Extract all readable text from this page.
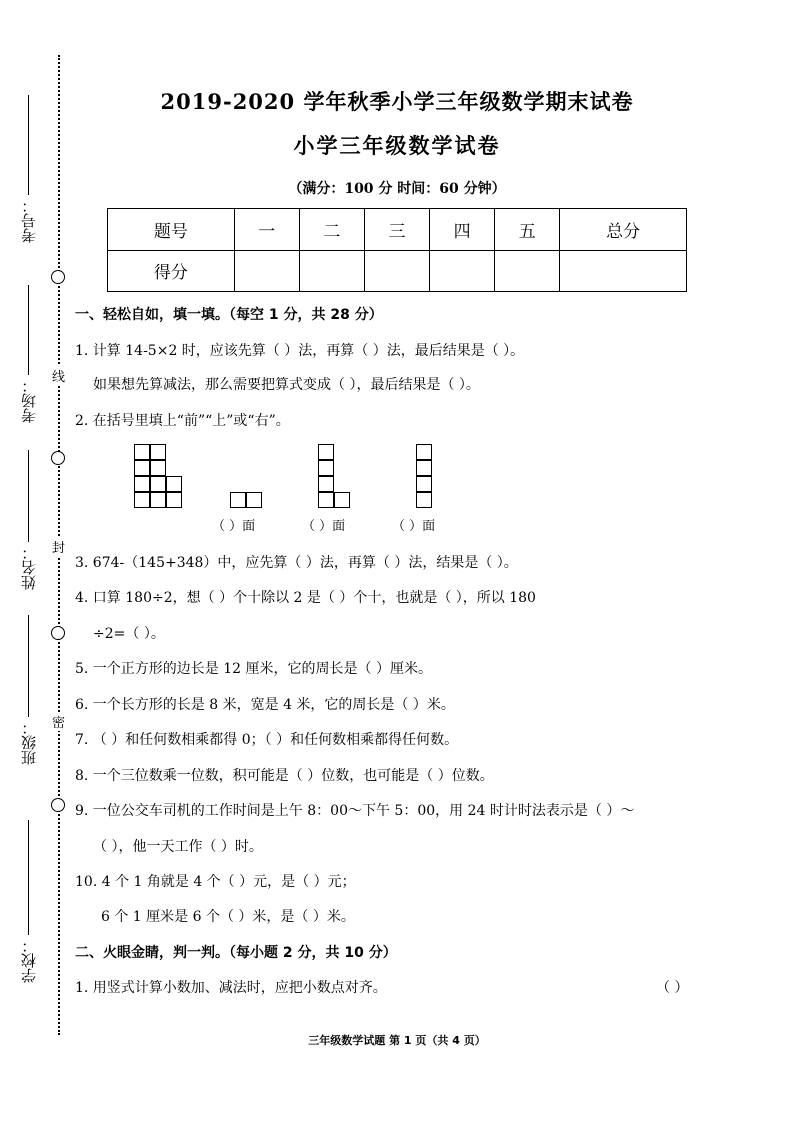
线
封
密
考号：
考场：
姓名：
班级：
学校：
2019-2020 学年秋季小学三年级数学期末试卷
小学三年级数学试卷
（满分：100 分 时间：60 分钟）
题号	一	二	三	四	五	总分
得分						
一、轻松自如，填一填。（每空 1 分，共 28 分）
1. 计算 14-5×2 时，应该先算（ ）法，再算（ ）法，最后结果是（ ）。
如果想先算减法，那么需要把算式变成（ ），最后结果是（ ）。
2. 在括号里填上“前”“上”或“右”。
（ ）面	（ ）面	（ ）面
3. 674-（145+348）中，应先算（ ）法，再算（ ）法，结果是（ ）。
4. 口算 180÷2，想（ ）个十除以 2 是（ ）个十，也就是（ ），所以 180
÷2=（ ）。
5. 一个正方形的边长是 12 厘米，它的周长是（ ）厘米。
6. 一个长方形的长是 8 米，宽是 4 米，它的周长是（ ）米。
7. （ ）和任何数相乘都得 0；（ ）和任何数相乘都得任何数。
8. 一个三位数乘一位数，积可能是（ ）位数，也可能是（ ）位数。
9. 一位公交车司机的工作时间是上午 8：00～下午 5：00，用 24 时计时法表示是（ ）～
（ ），他一天工作（ ）时。
10. 4 个 1 角就是 4 个（ ）元，是（ ）元；
6 个 1 厘米是 6 个（ ）米，是（ ）米。
二、火眼金睛，判一判。（每小题 2 分，共 10 分）
1. 用竖式计算小数加、减法时，应把小数点对齐。	（ ）
三年级数学试题 第 1 页（共 4 页）
